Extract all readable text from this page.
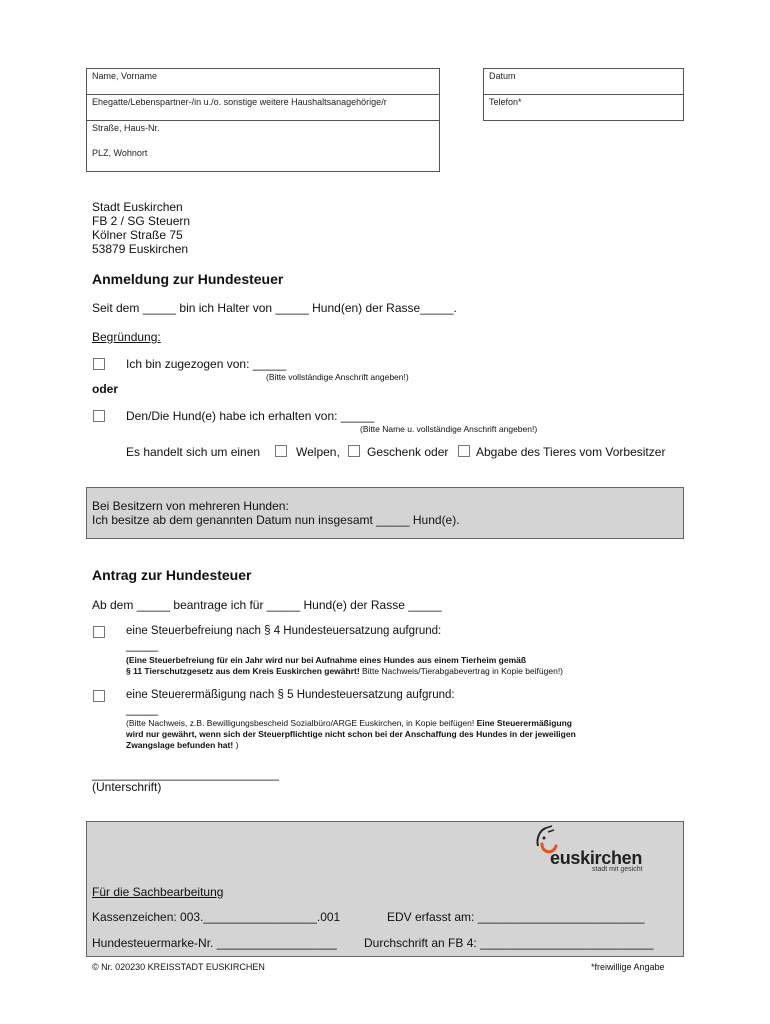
Name, Vorname
Ehegatte/Lebenspartner-/in u./o. sonstige weitere Haushaltsanagehörige/r
Straße, Haus-Nr.
PLZ, Wohnort
Datum
Telefon*
Stadt Euskirchen
FB 2 / SG Steuern
Kölner Straße 75
53879 Euskirchen
Anmeldung zur Hundesteuer
Seit dem _____ bin ich Halter von _____ Hund(en) der Rasse_____.
Begründung:
Ich bin zugezogen von: _____
(Bitte vollständige Anschrift angeben!)
oder
Den/Die Hund(e) habe ich erhalten von: _____
(Bitte Name u. vollständige Anschrift angeben!)
Es handelt sich um einen	Welpen, Geschenk oder Abgabe des Tieres vom Vorbesitzer
Bei Besitzern von mehreren Hunden:
Ich besitze ab dem genannten Datum nun insgesamt _____ Hund(e).
Antrag zur Hundesteuer
Ab dem _____ beantrage ich für _____ Hund(e) der Rasse _____
eine Steuerbefreiung nach § 4 Hundesteuersatzung aufgrund:
_____
(Eine Steuerbefreiung für ein Jahr wird nur bei Aufnahme eines Hundes aus einem Tierheim gemäß
§ 11 Tierschutzgesetz aus dem Kreis Euskirchen gewährt! Bitte Nachweis/Tierabgabevertrag in Kopie beifügen!)
eine Steuerermäßigung nach § 5 Hundesteuersatzung aufgrund:
_____
(Bitte Nachweis, z.B. Bewilligungsbescheid Sozialbüro/ARGE Euskirchen, in Kopie beifügen! Eine Steuerermäßigung
wird nur gewährt, wenn sich der Steuerpflichtige nicht schon bei der Anschaffung des Hundes in der jeweiligen
Zwangslage befunden hat! )
____________________________
(Unterschrift)
euskirchen
stadt mit gesicht
Für die Sachbearbeitung
Kassenzeichen: 003._________________.001	EDV erfasst am: _________________________
Hundesteuermarke-Nr. __________________ Durchschrift an FB 4: __________________________
© Nr. 020230 KREISSTADT EUSKIRCHEN	*freiwillige Angabe
